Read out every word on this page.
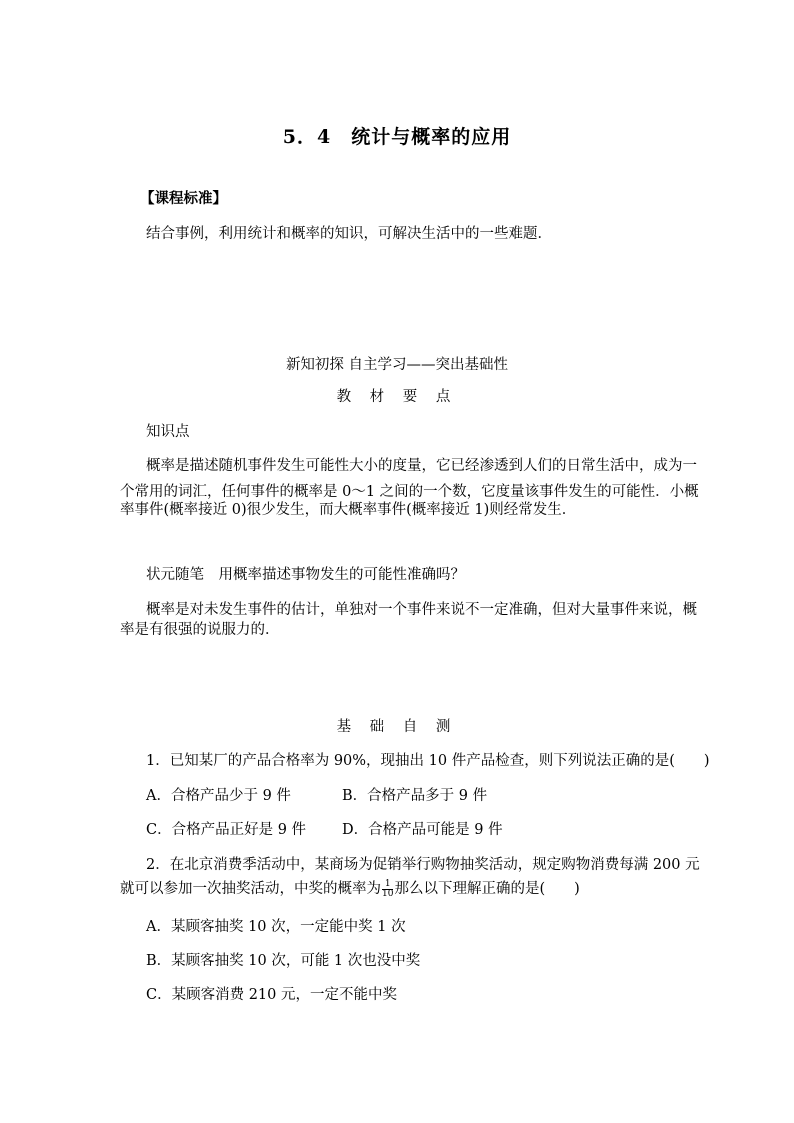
5．4　统计与概率的应用
【课程标准】
结合事例，利用统计和概率的知识，可解决生活中的一些难题．
新知初探 自主学习——突出基础性
教 材 要 点
知识点
概率是描述随机事件发生可能性大小的度量，它已经渗透到人们的日常生活中，成为一
个常用的词汇，任何事件的概率是 0～1 之间的一个数，它度量该事件发生的可能性．小概
率事件(概率接近 0)很少发生，而大概率事件(概率接近 1)则经常发生．
状元随笔　用概率描述事物发生的可能性准确吗？
概率是对未发生事件的估计，单独对一个事件来说不一定准确，但对大量事件来说，概
率是有很强的说服力的．
基 础 自 测
1．已知某厂的产品合格率为 90%，现抽出 10 件产品检查，则下列说法正确的是(　　)
A．合格产品少于 9 件	B．合格产品多于 9 件
C．合格产品正好是 9 件 D．合格产品可能是 9 件
2．在北京消费季活动中，某商场为促销举行购物抽奖活动，规定购物消费每满 200 元
就可以参加一次抽奖活动，中奖的概率为 $\frac{1}{10}$ 那么以下理解正确的是(　　)
A．某顾客抽奖 10 次，一定能中奖 1 次
B．某顾客抽奖 10 次，可能 1 次也没中奖
C．某顾客消费 210 元，一定不能中奖
